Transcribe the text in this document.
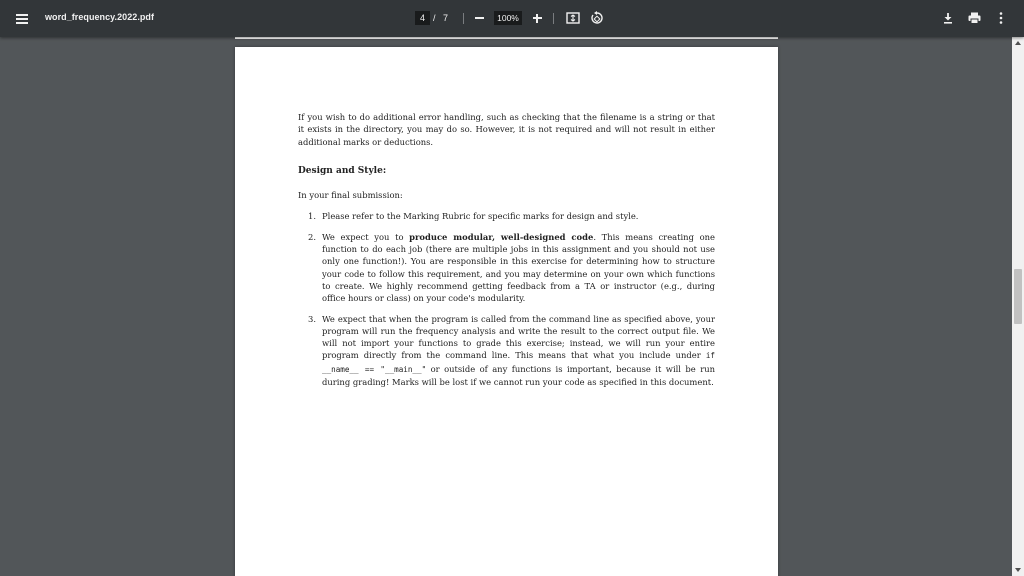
word_frequency.2022.pdf	4 / 7	100%

If you wish to do additional error handling, such as checking that the filename is a string or that it exists in the directory, you may do so. However, it is not required and will not result in either additional marks or deductions.

Design and Style:

In your final submission:

1. Please refer to the Marking Rubric for specific marks for design and style.
2. We expect you to produce modular, well-designed code. This means creating one function to do each job (there are multiple jobs in this assignment and you should not use only one function!). You are responsible in this exercise for determining how to structure your code to follow this requirement, and you may determine on your own which functions to create. We highly recommend getting feedback from a TA or instructor (e.g., during office hours or class) on your code's modularity.
3. We expect that when the program is called from the command line as specified above, your program will run the frequency analysis and write the result to the correct output file. We will not import your functions to grade this exercise; instead, we will run your entire program directly from the command line. This means that what you include under if __name__ == "__main__" or outside of any functions is important, because it will be run during grading! Marks will be lost if we cannot run your code as specified in this document.
